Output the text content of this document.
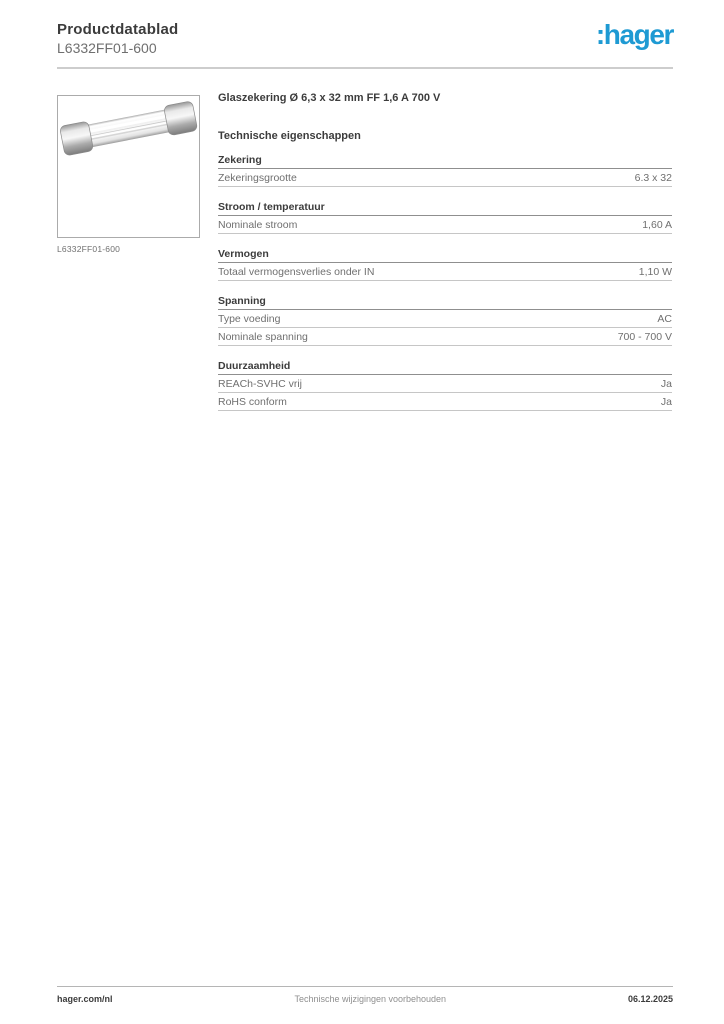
Productdatablad
L6332FF01-600	:hager
L6332FF01-600
Glaszekering Ø 6,3 x 32 mm FF 1,6 A 700 V
Technische eigenschappen
Zekering
Zekeringsgrootte	6.3 x 32
Stroom / temperatuur
Nominale stroom	1,60 A
Vermogen
Totaal vermogensverlies onder IN	1,10 W
Spanning
Type voeding	AC
Nominale spanning	700 - 700 V
Duurzaamheid
REACh-SVHC vrij	Ja
RoHS conform	Ja
hager.com/nl	Technische wijzigingen voorbehouden	06.12.2025
